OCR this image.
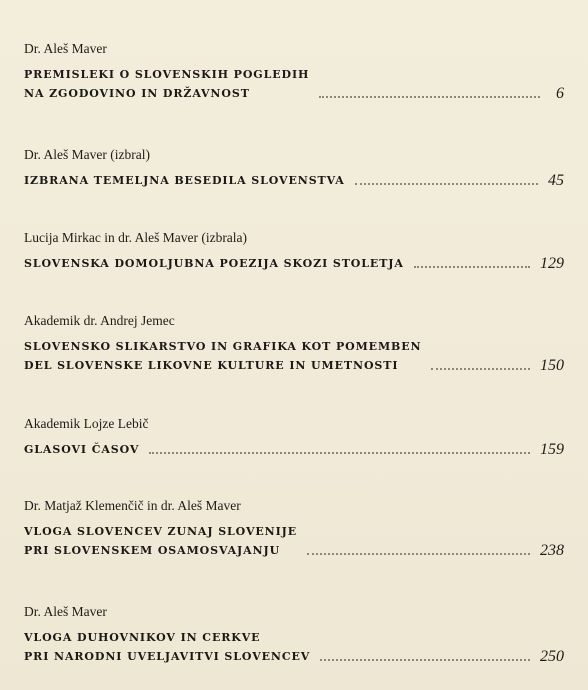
Dr. Aleš Maver
PREMISLEKI O SLOVENSKIH POGLEDIH
NA ZGODOVINO IN DRŽAVNOST	6
Dr. Aleš Maver (izbral)
IZBRANA TEMELJNA BESEDILA SLOVENSTVA	45
Lucija Mirkac in dr. Aleš Maver (izbrala)
SLOVENSKA DOMOLJUBNA POEZIJA SKOZI STOLETJA	129
Akademik dr. Andrej Jemec
SLOVENSKO SLIKARSTVO IN GRAFIKA KOT POMEMBEN
DEL SLOVENSKE LIKOVNE KULTURE IN UMETNOSTI	150
Akademik Lojze Lebič
GLASOVI ČASOV	159
Dr. Matjaž Klemenčič in dr. Aleš Maver
VLOGA SLOVENCEV ZUNAJ SLOVENIJE
PRI SLOVENSKEM OSAMOSVAJANJU	238
Dr. Aleš Maver
VLOGA DUHOVNIKOV IN CERKVE
PRI NARODNI UVELJAVITVI SLOVENCEV	250
